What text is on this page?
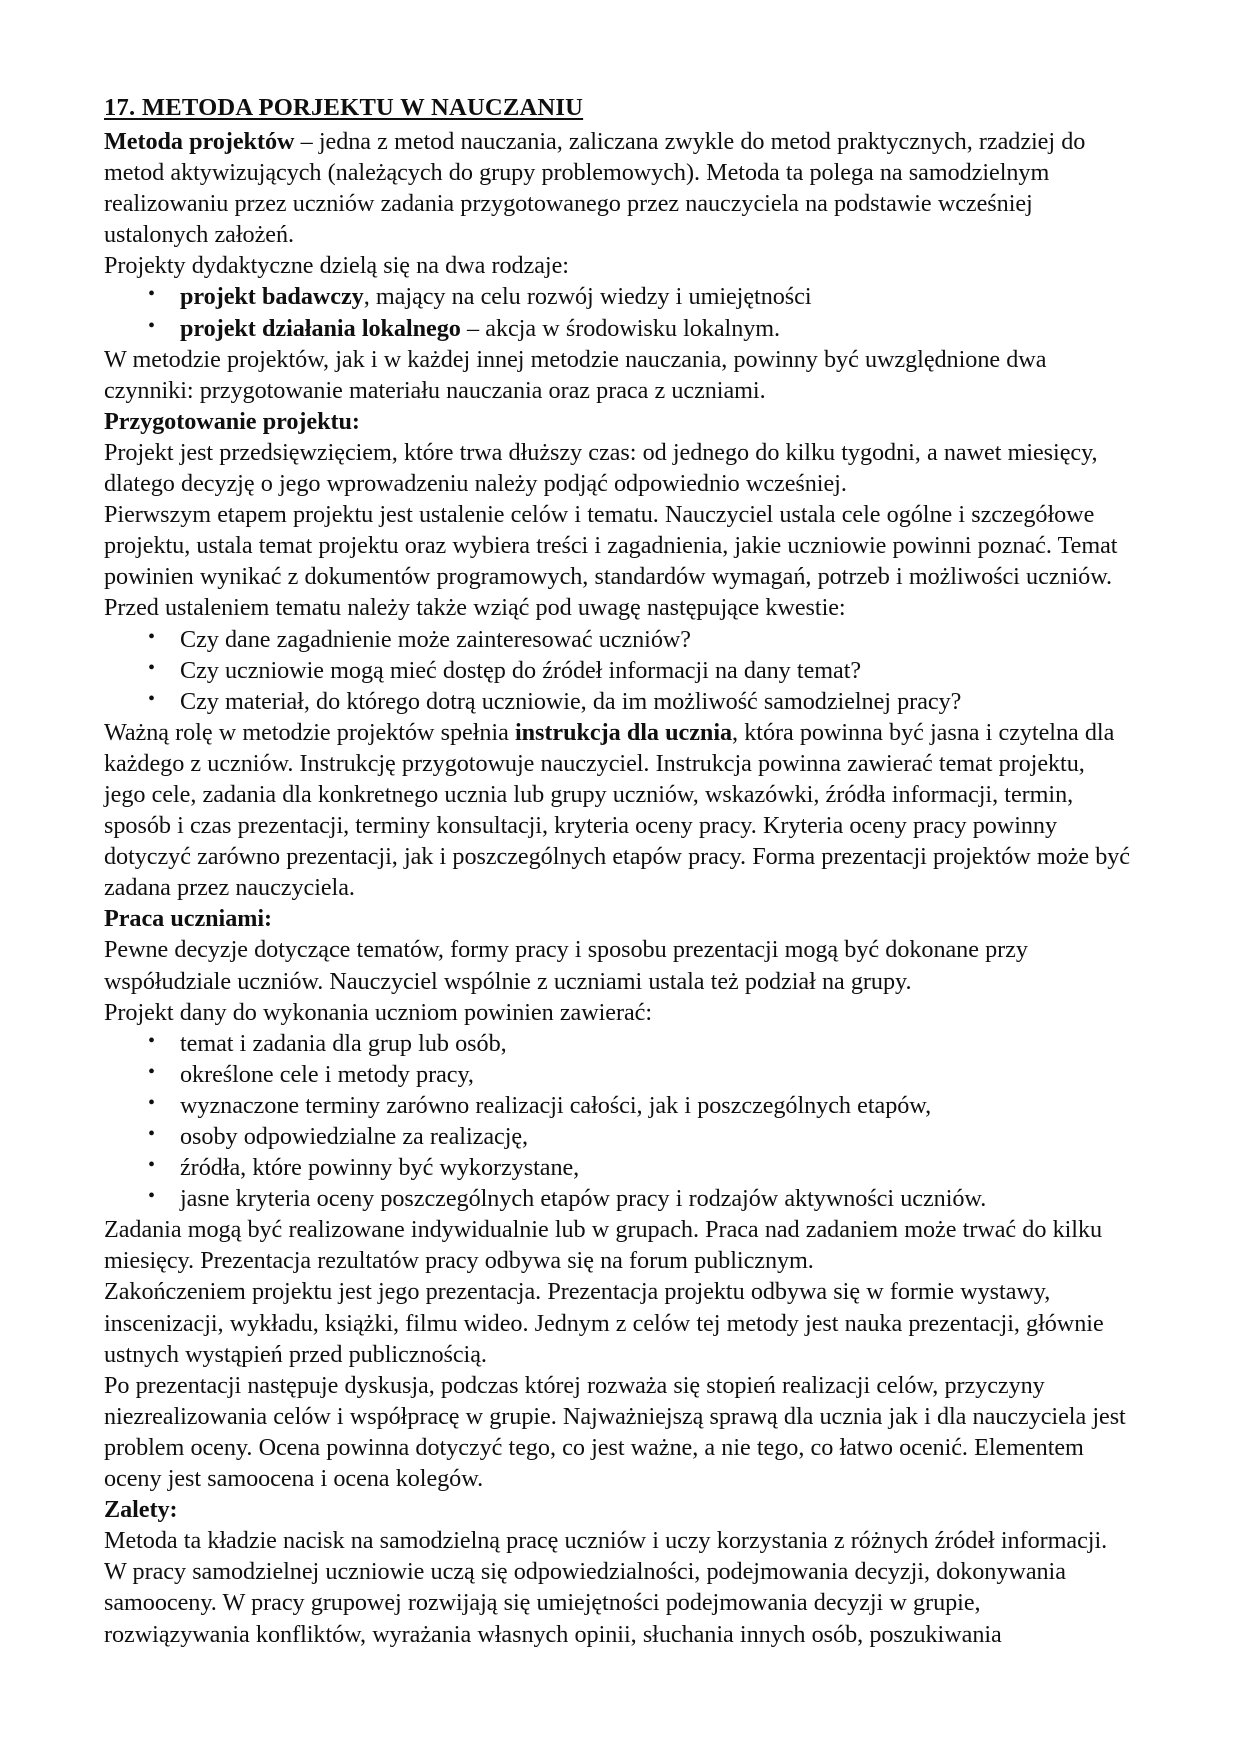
17. METODA PORJEKTU W NAUCZANIU

Metoda projektów – jedna z metod nauczania, zaliczana zwykle do metod praktycznych, rzadziej do metod aktywizujących (należących do grupy problemowych). Metoda ta polega na samodzielnym realizowaniu przez uczniów zadania przygotowanego przez nauczyciela na podstawie wcześniej ustalonych założeń.

Projekty dydaktyczne dzielą się na dwa rodzaje:

• projekt badawczy, mający na celu rozwój wiedzy i umiejętności
• projekt działania lokalnego – akcja w środowisku lokalnym.

W metodzie projektów, jak i w każdej innej metodzie nauczania, powinny być uwzględnione dwa czynniki: przygotowanie materiału nauczania oraz praca z uczniami.

Przygotowanie projektu:

Projekt jest przedsięwzięciem, które trwa dłuższy czas: od jednego do kilku tygodni, a nawet miesięcy, dlatego decyzję o jego wprowadzeniu należy podjąć odpowiednio wcześniej.

Pierwszym etapem projektu jest ustalenie celów i tematu. Nauczyciel ustala cele ogólne i szczegółowe projektu, ustala temat projektu oraz wybiera treści i zagadnienia, jakie uczniowie powinni poznać. Temat powinien wynikać z dokumentów programowych, standardów wymagań, potrzeb i możliwości uczniów. Przed ustaleniem tematu należy także wziąć pod uwagę następujące kwestie:

• Czy dane zagadnienie może zainteresować uczniów?
• Czy uczniowie mogą mieć dostęp do źródeł informacji na dany temat?
• Czy materiał, do którego dotrą uczniowie, da im możliwość samodzielnej pracy?

Ważną rolę w metodzie projektów spełnia instrukcja dla ucznia, która powinna być jasna i czytelna dla każdego z uczniów. Instrukcję przygotowuje nauczyciel. Instrukcja powinna zawierać temat projektu, jego cele, zadania dla konkretnego ucznia lub grupy uczniów, wskazówki, źródła informacji, termin, sposób i czas prezentacji, terminy konsultacji, kryteria oceny pracy. Kryteria oceny pracy powinny dotyczyć zarówno prezentacji, jak i poszczególnych etapów pracy. Forma prezentacji projektów może być zadana przez nauczyciela.

Praca uczniami:

Pewne decyzje dotyczące tematów, formy pracy i sposobu prezentacji mogą być dokonane przy współudziale uczniów. Nauczyciel wspólnie z uczniami ustala też podział na grupy.

Projekt dany do wykonania uczniom powinien zawierać:

• temat i zadania dla grup lub osób,
• określone cele i metody pracy,
• wyznaczone terminy zarówno realizacji całości, jak i poszczególnych etapów,
• osoby odpowiedzialne za realizację,
• źródła, które powinny być wykorzystane,
• jasne kryteria oceny poszczególnych etapów pracy i rodzajów aktywności uczniów.

Zadania mogą być realizowane indywidualnie lub w grupach. Praca nad zadaniem może trwać do kilku miesięcy. Prezentacja rezultatów pracy odbywa się na forum publicznym.

Zakończeniem projektu jest jego prezentacja. Prezentacja projektu odbywa się w formie wystawy, inscenizacji, wykładu, książki, filmu wideo. Jednym z celów tej metody jest nauka prezentacji, głównie ustnych wystąpień przed publicznością.

Po prezentacji następuje dyskusja, podczas której rozważa się stopień realizacji celów, przyczyny niezrealizowania celów i współpracę w grupie. Najważniejszą sprawą dla ucznia jak i dla nauczyciela jest problem oceny. Ocena powinna dotyczyć tego, co jest ważne, a nie tego, co łatwo ocenić. Elementem oceny jest samoocena i ocena kolegów.

Zalety:

Metoda ta kładzie nacisk na samodzielną pracę uczniów i uczy korzystania z różnych źródeł informacji.

W pracy samodzielnej uczniowie uczą się odpowiedzialności, podejmowania decyzji, dokonywania samooceny. W pracy grupowej rozwijają się umiejętności podejmowania decyzji w grupie, rozwiązywania konfliktów, wyrażania własnych opinii, słuchania innych osób, poszukiwania
